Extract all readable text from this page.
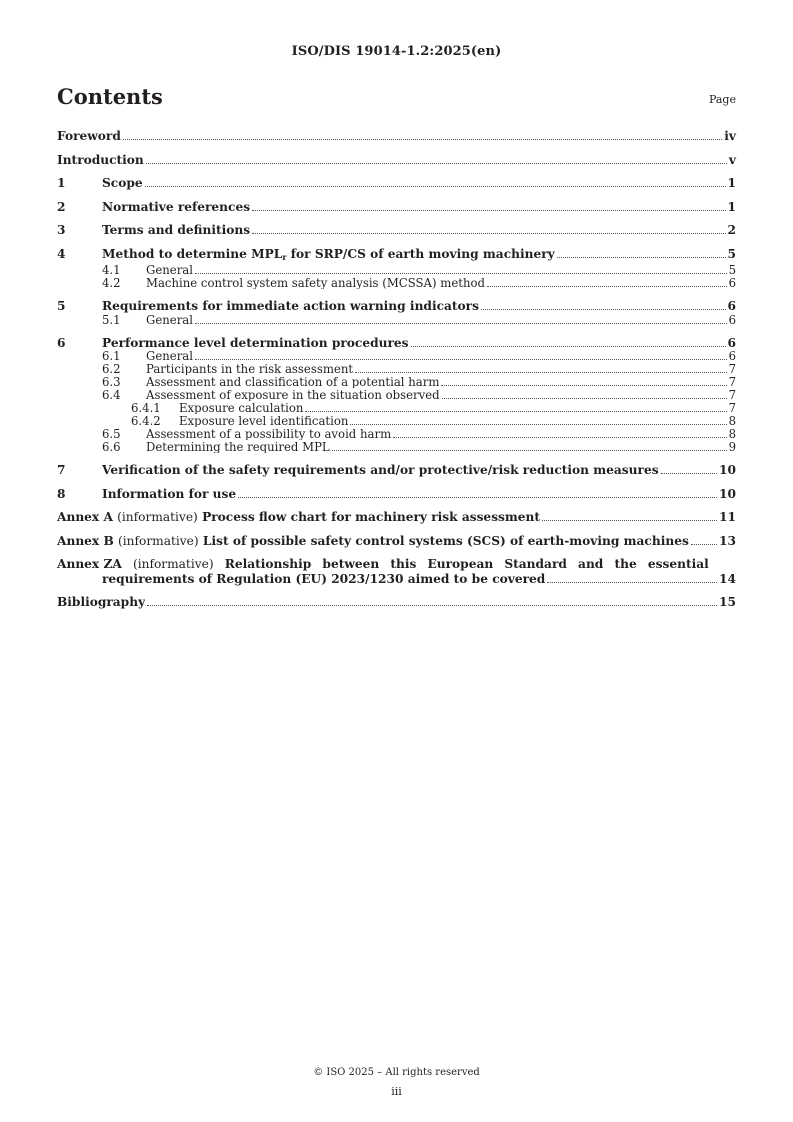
ISO/DIS 19014-1.2:2025(en)
Contents	Page
Foreword	iv
Introduction	v
1	Scope	1
2	Normative references	1
3	Terms and definitions	2
4	Method to determine $MPL_r$ for SRP/CS of earth moving machinery	5
4.1	General	5
4.2	Machine control system safety analysis (MCSSA) method	6
5	Requirements for immediate action warning indicators	6
5.1	General	6
6	Performance level determination procedures	6
6.1	General	6
6.2	Participants in the risk assessment	7
6.3	Assessment and classification of a potential harm	7
6.4	Assessment of exposure in the situation observed	7
6.4.1	Exposure calculation	7
6.4.2	Exposure level identification	8
6.5	Assessment of a possibility to avoid harm	8
6.6	Determining the required MPL	9
7	Verification of the safety requirements and/or protective/risk reduction measures	10
8	Information for use	10
Annex A (informative) Process flow chart for machinery risk assessment	11
Annex B (informative) List of possible safety control systems (SCS) of earth-moving machines 13
Annex ZA (informative) Relationship between this European Standard and the essential
requirements of Regulation (EU) 2023/1230 aimed to be covered	14
Bibliography	15
© ISO 2025 – All rights reserved
iii
